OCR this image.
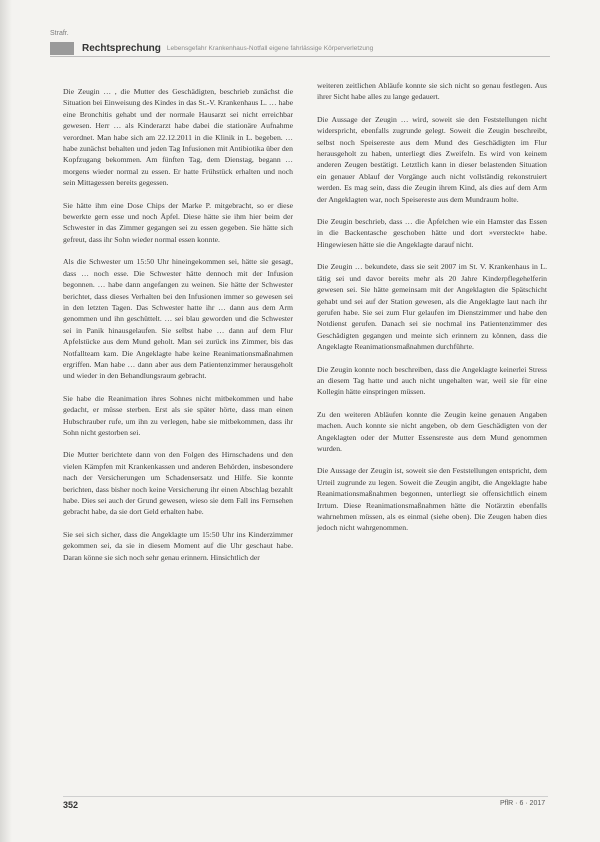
Strafr.
Rechtsprechung Lebensgefahr Krankenhaus-Notfall eigene fahrlässige Körperverletzung

Die Zeugin … , die Mutter des Geschädigten, beschrieb zunächst die Situation bei Einweisung des Kindes in das St.-V. Krankenhaus L. … habe eine Bronchitis gehabt und der normale Hausarzt sei nicht erreichbar gewesen. Herr … als Kinderarzt habe dabei die stationäre Aufnahme verordnet. Man habe sich am 22.12.2011 in die Klinik in L. begeben. … habe zunächst behalten und jeden Tag Infusionen mit Antibiotika über den Kopfzugang bekommen. Am fünften Tag, dem Dienstag, begann … morgens wieder normal zu essen. Er hatte Frühstück erhalten und noch sein Mittagessen bereits gegessen.

Sie hätte ihm eine Dose Chips der Marke P. mitgebracht, so er diese bewerkte gern esse und noch Äpfel. Diese hätte sie ihm hier beim der Schwester in das Zimmer gegangen sei zu essen gegeben. Sie hätte sich gefreut, dass ihr Sohn wieder normal essen konnte.

Als die Schwester um 15:50 Uhr hineingekommen sei, hätte sie gesagt, dass … noch esse. Die Schwester hätte dennoch mit der Infusion begonnen. … habe dann angefangen zu weinen. Sie hätte der Schwester berichtet, dass dieses Verhalten bei den Infusionen immer so gewesen sei in den letzten Tagen. Das Schwester hatte ihr … dann aus dem Arm genommen und ihn geschüttelt. … sei blau geworden und die Schwester sei in Panik hinausgelaufen. Sie selbst habe … dann auf dem Flur Apfelstücke aus dem Mund geholt. Man sei zurück ins Zimmer, bis das Notfallteam kam. Die Angeklagte habe keine Reanimationsmaßnahmen ergriffen. Man habe … dann aber aus dem Patientenzimmer herausgeholt und wieder in den Behandlungsraum gebracht.

Sie habe die Reanimation ihres Sohnes nicht mitbekommen und habe gedacht, er müsse sterben. Erst als sie später hörte, dass man einen Hubschrauber rufe, um ihn zu verlegen, habe sie mitbekommen, dass ihr Sohn nicht gestorben sei.

Die Mutter berichtete dann von den Folgen des Hirnschadens und den vielen Kämpfen mit Krankenkassen und anderen Behörden, insbesondere nach der Versicherungen um Schadensersatz und Hilfe. Sie konnte berichten, dass bisher noch keine Versicherung ihr einen Abschlag bezahlt habe. Dies sei auch der Grund gewesen, wieso sie dem Fall ins Fernsehen gebracht habe, da sie dort Geld erhalten habe.

Sie sei sich sicher, dass die Angeklagte um 15:50 Uhr ins Kinderzimmer gekommen sei, da sie in diesem Moment auf die Uhr geschaut habe. Daran könne sie sich noch sehr genau erinnern. Hinsichtlich der

weiteren zeitlichen Abläufe konnte sie sich nicht so genau festlegen. Aus ihrer Sicht habe alles zu lange gedauert.

Die Aussage der Zeugin … wird, soweit sie den Feststellungen nicht widerspricht, ebenfalls zugrunde gelegt. Soweit die Zeugin beschreibt, selbst noch Speisereste aus dem Mund des Geschädigten im Flur herausgeholt zu haben, unterliegt dies Zweifeln. Es wird von keinem anderen Zeugen bestätigt. Letztlich kann in dieser belastenden Situation ein genauer Ablauf der Vorgänge auch nicht vollständig rekonstruiert werden. Es mag sein, dass die Zeugin ihrem Kind, als dies auf dem Arm der Angeklagten war, noch Speisereste aus dem Mundraum holte.

Die Zeugin beschrieb, dass … die Äpfelchen wie ein Hamster das Essen in die Backentasche geschoben hätte und dort »versteckt« habe. Hingewiesen hätte sie die Angeklagte darauf nicht.

Die Zeugin … bekundete, dass sie seit 2007 im St. V. Krankenhaus in L. tätig sei und davor bereits mehr als 20 Jahre Kinderpflegehelferin gewesen sei. Sie hätte gemeinsam mit der Angeklagten die Spätschicht gehabt und sei auf der Station gewesen, als die Angeklagte laut nach ihr gerufen habe. Sie sei zum Flur gelaufen im Dienstzimmer und habe den Notdienst gerufen. Danach sei sie nochmal ins Patientenzimmer des Geschädigten gegangen und meinte sich erinnern zu können, dass die Angeklagte Reanimationsmaßnahmen durchführte.

Die Zeugin konnte noch beschreiben, dass die Angeklagte keinerlei Stress an diesem Tag hatte und auch nicht ungehalten war, weil sie für eine Kollegin hätte einspringen müssen.

Zu den weiteren Abläufen konnte die Zeugin keine genauen Angaben machen. Auch konnte sie nicht angeben, ob dem Geschädigten von der Angeklagten oder der Mutter Essensreste aus dem Mund genommen wurden.

Die Aussage der Zeugin ist, soweit sie den Feststellungen entspricht, dem Urteil zugrunde zu legen. Soweit die Zeugin angibt, die Angeklagte habe Reanimationsmaßnahmen begonnen, unterliegt sie offensichtlich einem Irrtum. Diese Reanimationsmaßnahmen hätte die Notärztin ebenfalls wahrnehmen müssen, als es einmal (siehe oben). Die Zeugen haben dies jedoch nicht wahrgenommen.

352	PflR · 6 · 2017
